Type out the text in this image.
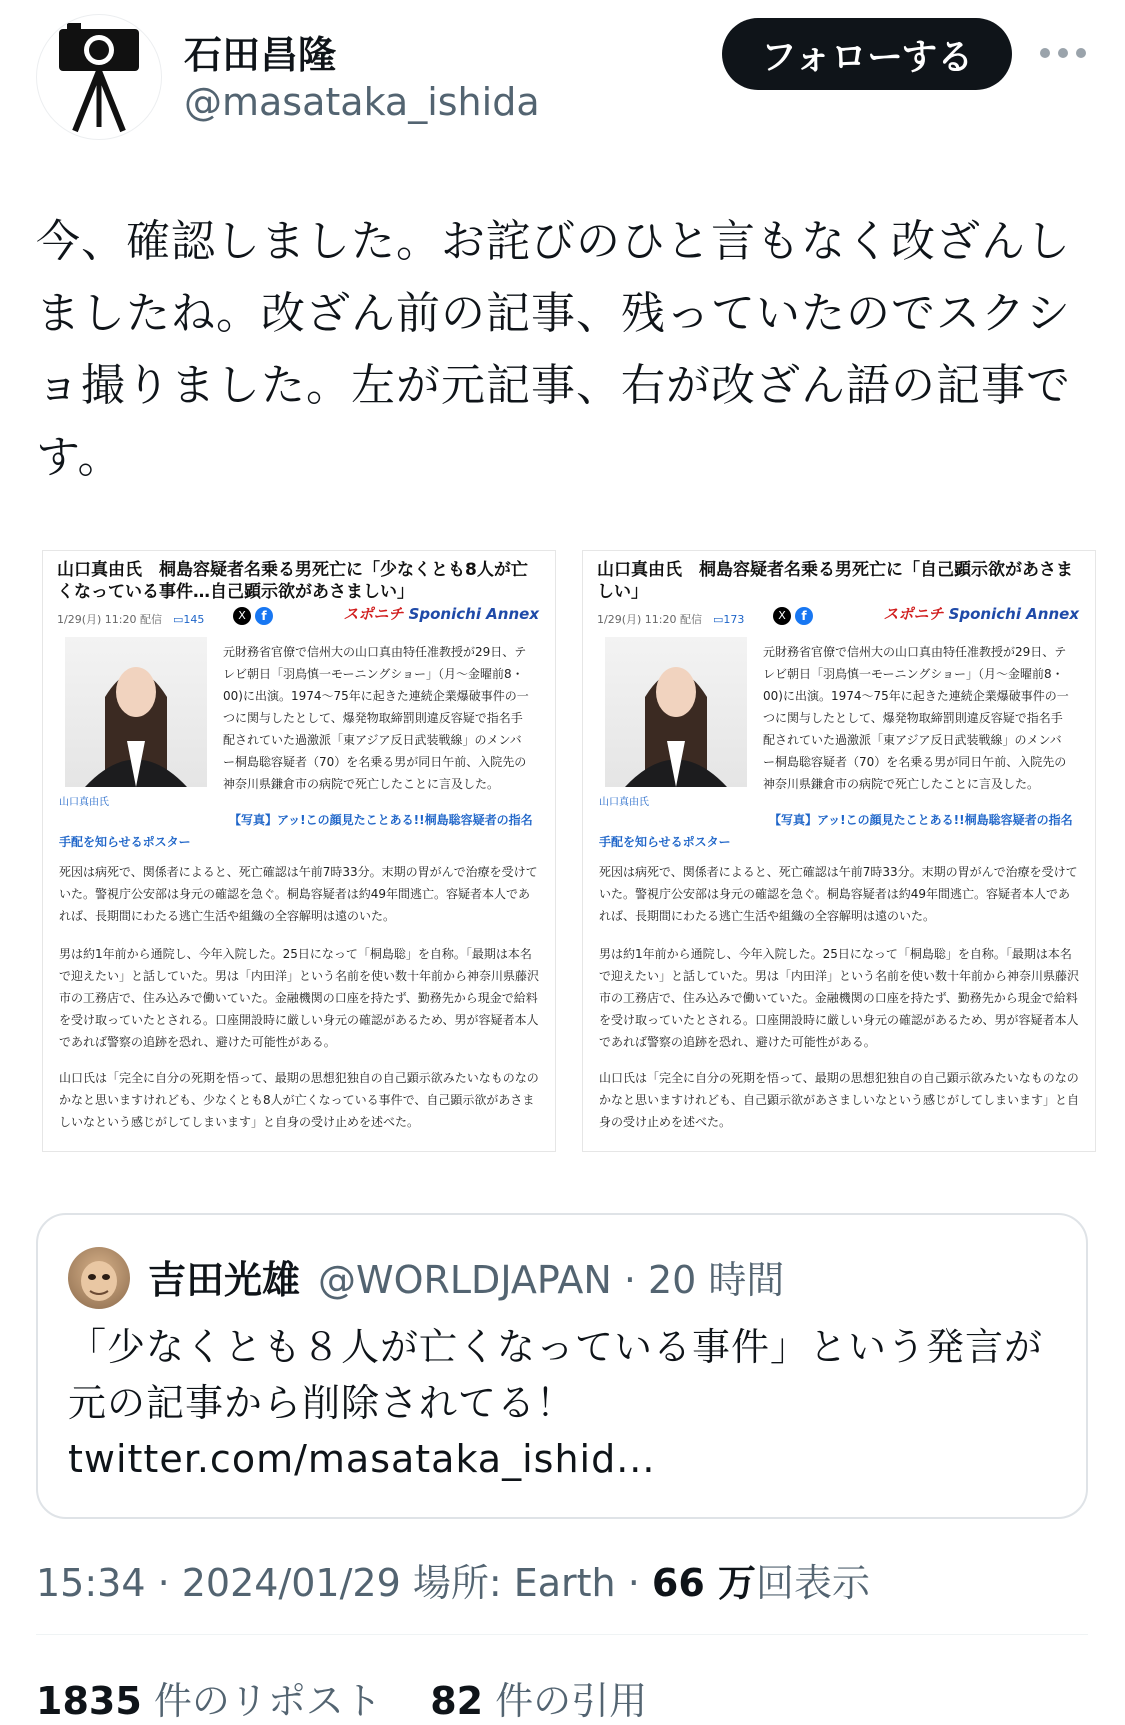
石田昌隆
@masataka_ishida
フォローする
今、確認しました。お詫びのひと言もなく改ざんしましたね。改ざん前の記事、残っていたのでスクショ撮りました。左が元記事、右が改ざん語の記事です。
山口真由氏　桐島容疑者名乗る男死亡に「少なくとも8人が亡くなっている事件…自己顕示欲があさましい」
1/29(月) 11:20 配信　 ▭145	X	f	スポニチ Sponichi Annex
山口真由氏
元財務省官僚で信州大の山口真由特任准教授が29日、テレビ朝日「羽鳥慎一モーニングショー」（月〜金曜前8・00)に出演。1974〜75年に起きた連続企業爆破事件の一つに関与したとして、爆発物取締罰則違反容疑で指名手配されていた過激派「東アジア反日武装戦線」のメンバー桐島聡容疑者（70）を名乗る男が同日午前、入院先の神奈川県鎌倉市の病院で死亡したことに言及した。
【写真】アッ!この顔見たことある!!桐島聡容疑者の指名手配を知らせるポスター
死因は病死で、関係者によると、死亡確認は午前7時33分。末期の胃がんで治療を受けていた。警視庁公安部は身元の確認を急ぐ。桐島容疑者は約49年間逃亡。容疑者本人であれば、長期間にわたる逃亡生活や組織の全容解明は遠のいた。
男は約1年前から通院し、今年入院した。25日になって「桐島聡」を自称。「最期は本名で迎えたい」と話していた。男は「内田洋」という名前を使い数十年前から神奈川県藤沢市の工務店で、住み込みで働いていた。金融機関の口座を持たず、勤務先から現金で給料を受け取っていたとされる。口座開設時に厳しい身元の確認があるため、男が容疑者本人であれば警察の追跡を恐れ、避けた可能性がある。
山口氏は「完全に自分の死期を悟って、最期の思想犯独自の自己顕示欲みたいなものなのかなと思いますけれども、少なくとも8人が亡くなっている事件で、自己顕示欲があさましいなという感じがしてしまいます」と自身の受け止めを述べた。
山口真由氏　桐島容疑者名乗る男死亡に「自己顕示欲があさましい」
1/29(月) 11:20 配信　 ▭173	X	f	スポニチ Sponichi Annex
山口真由氏
元財務省官僚で信州大の山口真由特任准教授が29日、テレビ朝日「羽鳥慎一モーニングショー」（月〜金曜前8・00)に出演。1974〜75年に起きた連続企業爆破事件の一つに関与したとして、爆発物取締罰則違反容疑で指名手配されていた過激派「東アジア反日武装戦線」のメンバー桐島聡容疑者（70）を名乗る男が同日午前、入院先の神奈川県鎌倉市の病院で死亡したことに言及した。
【写真】アッ!この顔見たことある!!桐島聡容疑者の指名手配を知らせるポスター
死因は病死で、関係者によると、死亡確認は午前7時33分。末期の胃がんで治療を受けていた。警視庁公安部は身元の確認を急ぐ。桐島容疑者は約49年間逃亡。容疑者本人であれば、長期間にわたる逃亡生活や組織の全容解明は遠のいた。
男は約1年前から通院し、今年入院した。25日になって「桐島聡」を自称。「最期は本名で迎えたい」と話していた。男は「内田洋」という名前を使い数十年前から神奈川県藤沢市の工務店で、住み込みで働いていた。金融機関の口座を持たず、勤務先から現金で給料を受け取っていたとされる。口座開設時に厳しい身元の確認があるため、男が容疑者本人であれば警察の追跡を恐れ、避けた可能性がある。
山口氏は「完全に自分の死期を悟って、最期の思想犯独自の自己顕示欲みたいなものなのかなと思いますけれども、自己顕示欲があさましいなという感じがしてしまいます」と自身の受け止めを述べた。
吉田光雄 @WORLDJAPAN · 20 時間
「少なくとも８人が亡くなっている事件」という発言が元の記事から削除されてる！ twitter.com/masataka_ishid...
15:34 · 2024/01/29 場所: Earth · 66 万回表示
1835 件のリポスト 82 件の引用
